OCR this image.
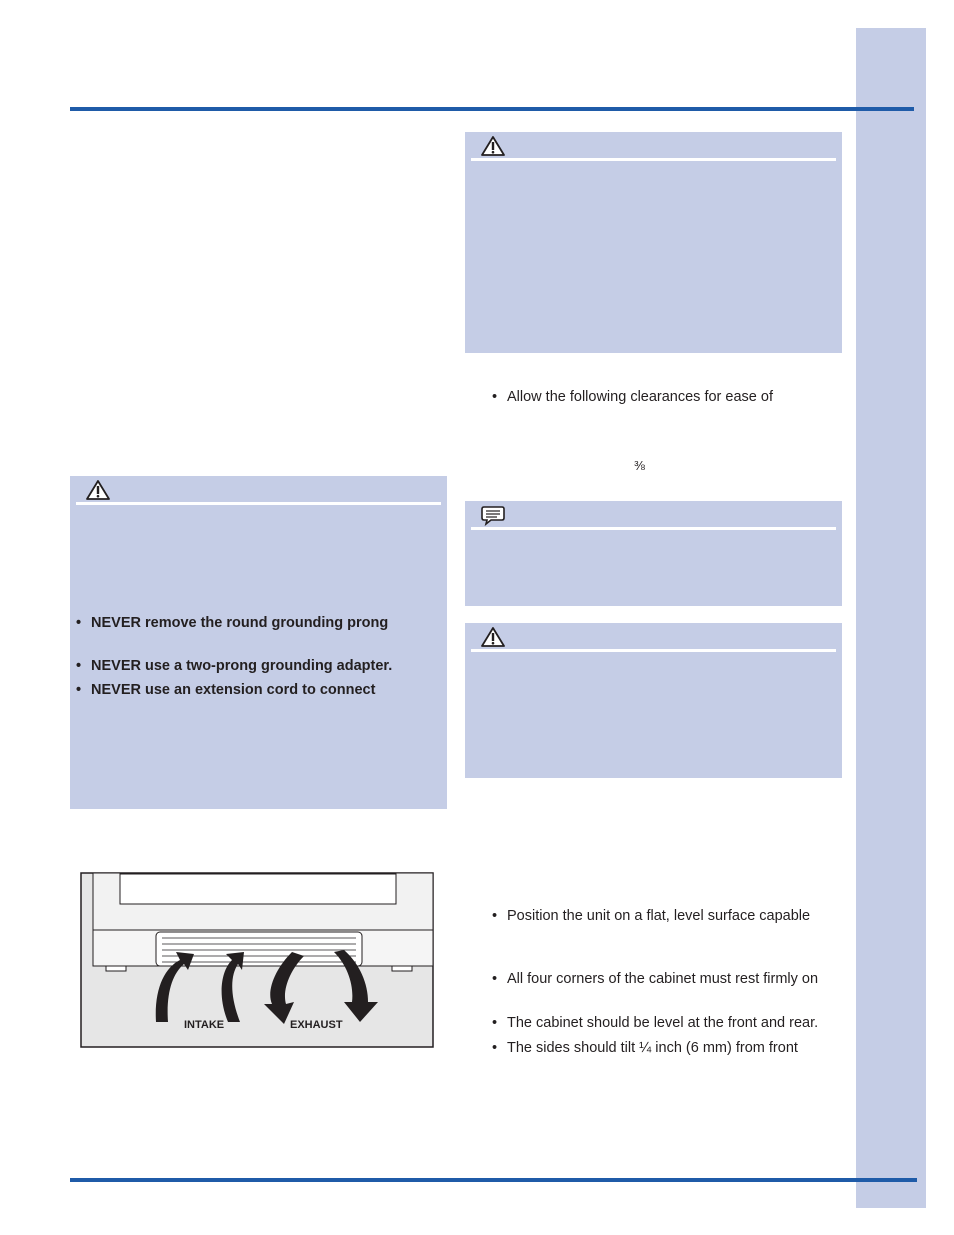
• Allow the following clearances for ease of
⅜
• NEVER remove the round grounding prong
• NEVER use a two-prong grounding adapter.
• NEVER use an extension cord to connect
• Position the unit on a flat, level surface capable
• All four corners of the cabinet must rest firmly on
• The cabinet should be level at the front and rear.
• The sides should tilt ¼ inch (6 mm) from front
INTAKE	EXHAUST
